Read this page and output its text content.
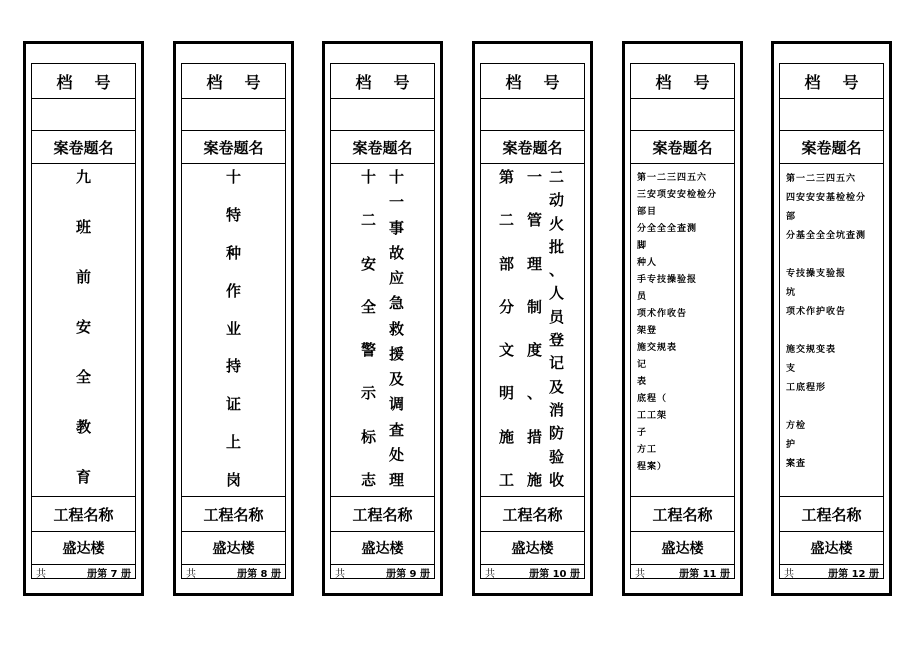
档号
案卷题名
九
班
前
安
全
教
育
工程名称
盛达楼
共	册第 7 册
档号
案卷题名
十
特
种
作
业
持
证
上
岗
工程名称
盛达楼
共	册第 8 册
档号
案卷题名
十
二
安
全
警
示
标
志
十
一
事
故
应
急
救
援
及
调
查
处
理
工程名称
盛达楼
共	册第 9 册
档号
案卷题名
第
二
部
分
文
明
施
工
一
管
理
制
度
、
措
施
二
动
火
批
、
人
员
登
记
及
消
防
验
收
工程名称
盛达楼
共	册第 10 册
档号
案卷题名
第一二三四五六
三安项安安检检分
部目
分全全全查测
脚
种人
手专技操验报
员
项术作收告
架登
施交规表
记
表
底程（
工工架
子
方工
程案）
工程名称
盛达楼
共	册第 11 册
档号
案卷题名
第一二三四五六
四安安安基检检分
部
分基全全全坑查测
专技操支验报
坑
项术作护收告
施交规变表
支
工底程形
方检
护
案查
工程名称
盛达楼
共	册第 12 册
